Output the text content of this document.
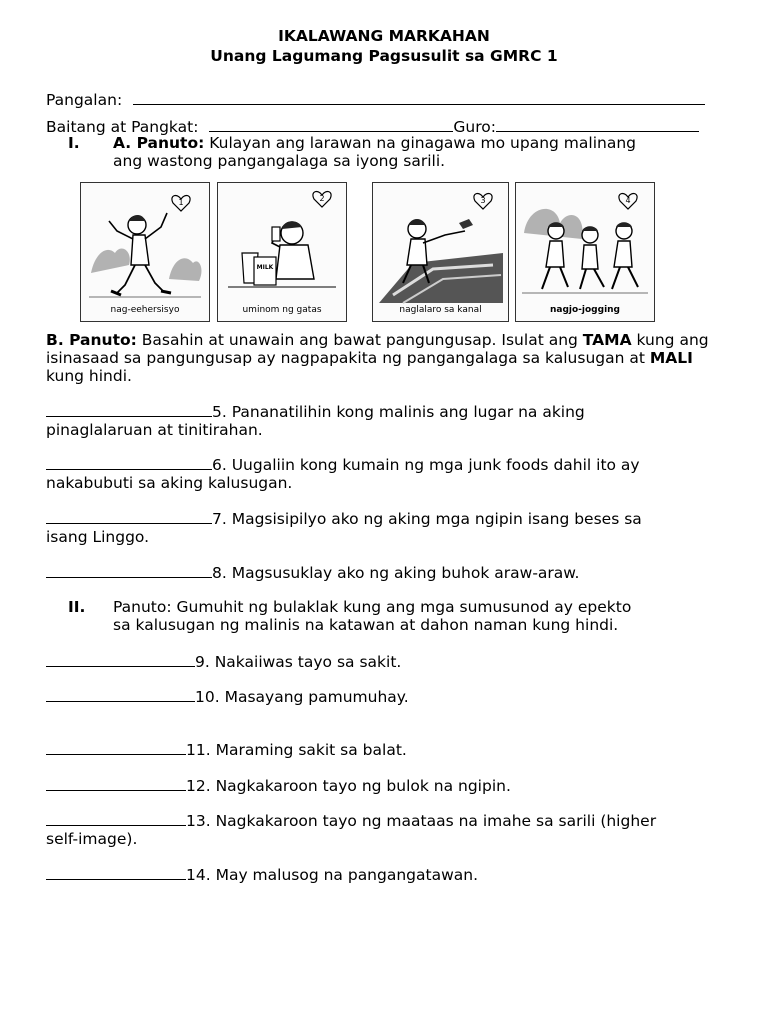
IKALAWANG MARKAHAN
Unang Lagumang Pagsusulit sa GMRC 1
Pangalan:
Baitang at Pangkat:	Guro:
I. A. Panuto: Kulayan ang larawan na ginagawa mo upang malinang
ang wastong pangangalaga sa iyong sarili.
1
nag-eehersisyo
2
MILK
uminom ng gatas
3
naglalaro sa kanal
4
nagjo-jogging
B. Panuto: Basahin at unawain ang bawat pangungusap. Isulat ang TAMA kung ang isinasaad sa pangungusap ay nagpapakita ng pangangalaga sa kalusugan at MALI kung hindi.
5. Pananatilihin kong malinis ang lugar na aking
pinaglalaruan at tinitirahan.
6. Uugaliin kong kumain ng mga junk foods dahil ito ay
nakabubuti sa aking kalusugan.
7. Magsisipilyo ako ng aking mga ngipin isang beses sa
isang Linggo.
8. Magsusuklay ako ng aking buhok araw-araw.
II. Panuto: Gumuhit ng bulaklak kung ang mga sumusunod ay epekto
sa kalusugan ng malinis na katawan at dahon naman kung hindi.
9. Nakaiiwas tayo sa sakit.
10. Masayang pamumuhay.
11. Maraming sakit sa balat.
12. Nagkakaroon tayo ng bulok na ngipin.
13. Nagkakaroon tayo ng maataas na imahe sa sarili (higher
self-image).
14. May malusog na pangangatawan.
